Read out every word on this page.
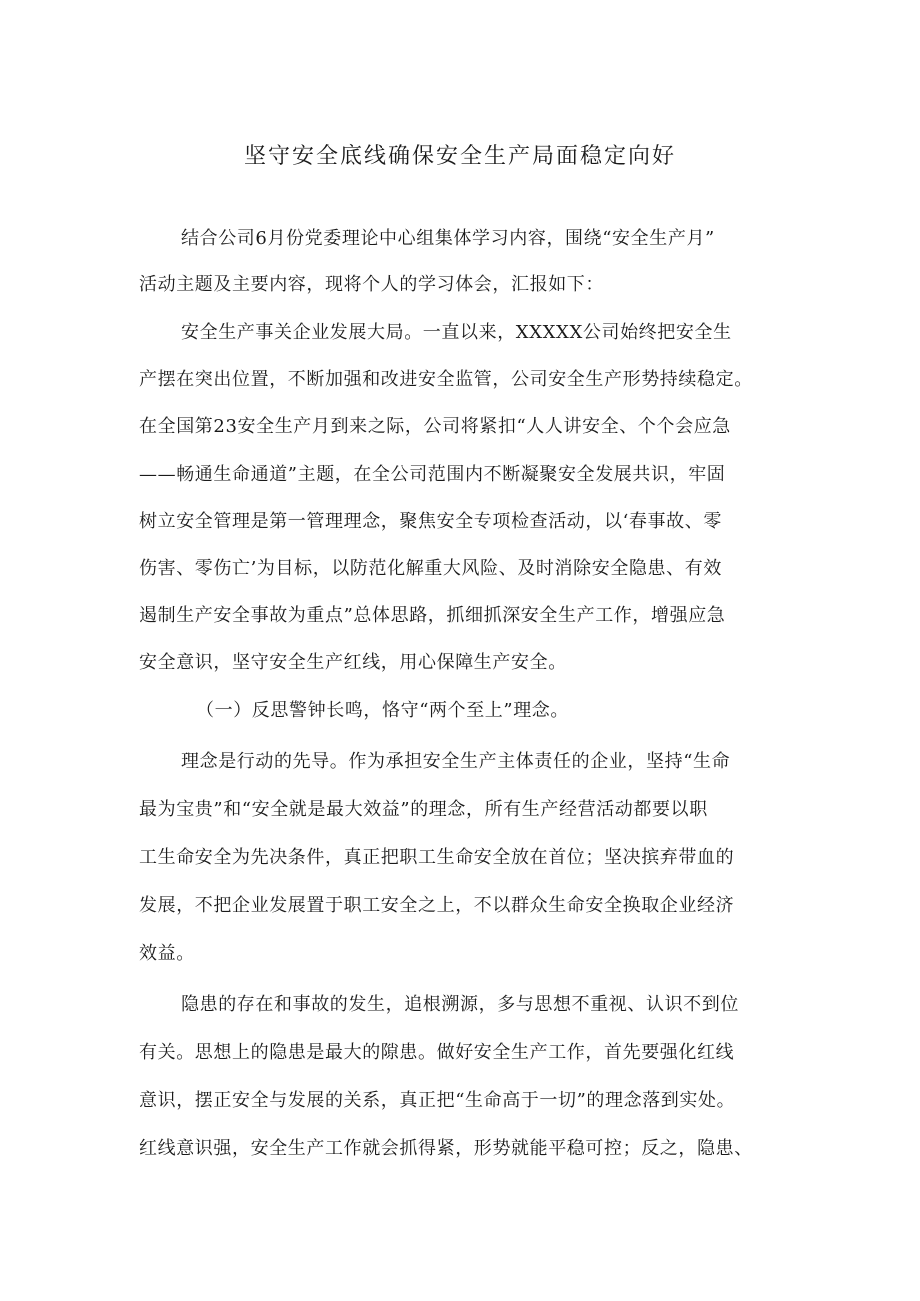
坚守安全底线确保安全生产局面稳定向好
结合公司6月份党委理论中心组集体学习内容，围绕“安全生产月”
活动主题及主要内容，现将个人的学习体会，汇报如下：
安全生产事关企业发展大局。一直以来，XXXXX公司始终把安全生
产摆在突出位置，不断加强和改进安全监管，公司安全生产形势持续稳定。
在全国第23安全生产月到来之际，公司将紧扣“人人讲安全、个个会应急
——畅通生命通道”主题，在全公司范围内不断凝聚安全发展共识，牢固
树立安全管理是第一管理理念，聚焦安全专项检查活动，以‘春事故、零
伤害、零伤亡’为目标，以防范化解重大风险、及时消除安全隐患、有效
遏制生产安全事故为重点”总体思路，抓细抓深安全生产工作，增强应急
安全意识，坚守安全生产红线，用心保障生产安全。
（一）反思警钟长鸣，恪守“两个至上”理念。
理念是行动的先导。作为承担安全生产主体责任的企业，坚持“生命
最为宝贵”和“安全就是最大效益”的理念，所有生产经营活动都要以职
工生命安全为先决条件，真正把职工生命安全放在首位；坚决摈弃带血的
发展，不把企业发展置于职工安全之上，不以群众生命安全换取企业经济
效益。
隐患的存在和事故的发生，追根溯源，多与思想不重视、认识不到位
有关。思想上的隐患是最大的隙患。做好安全生产工作，首先要强化红线
意识，摆正安全与发展的关系，真正把“生命高于一切”的理念落到实处。
红线意识强，安全生产工作就会抓得紧，形势就能平稳可控；反之，隐患、
